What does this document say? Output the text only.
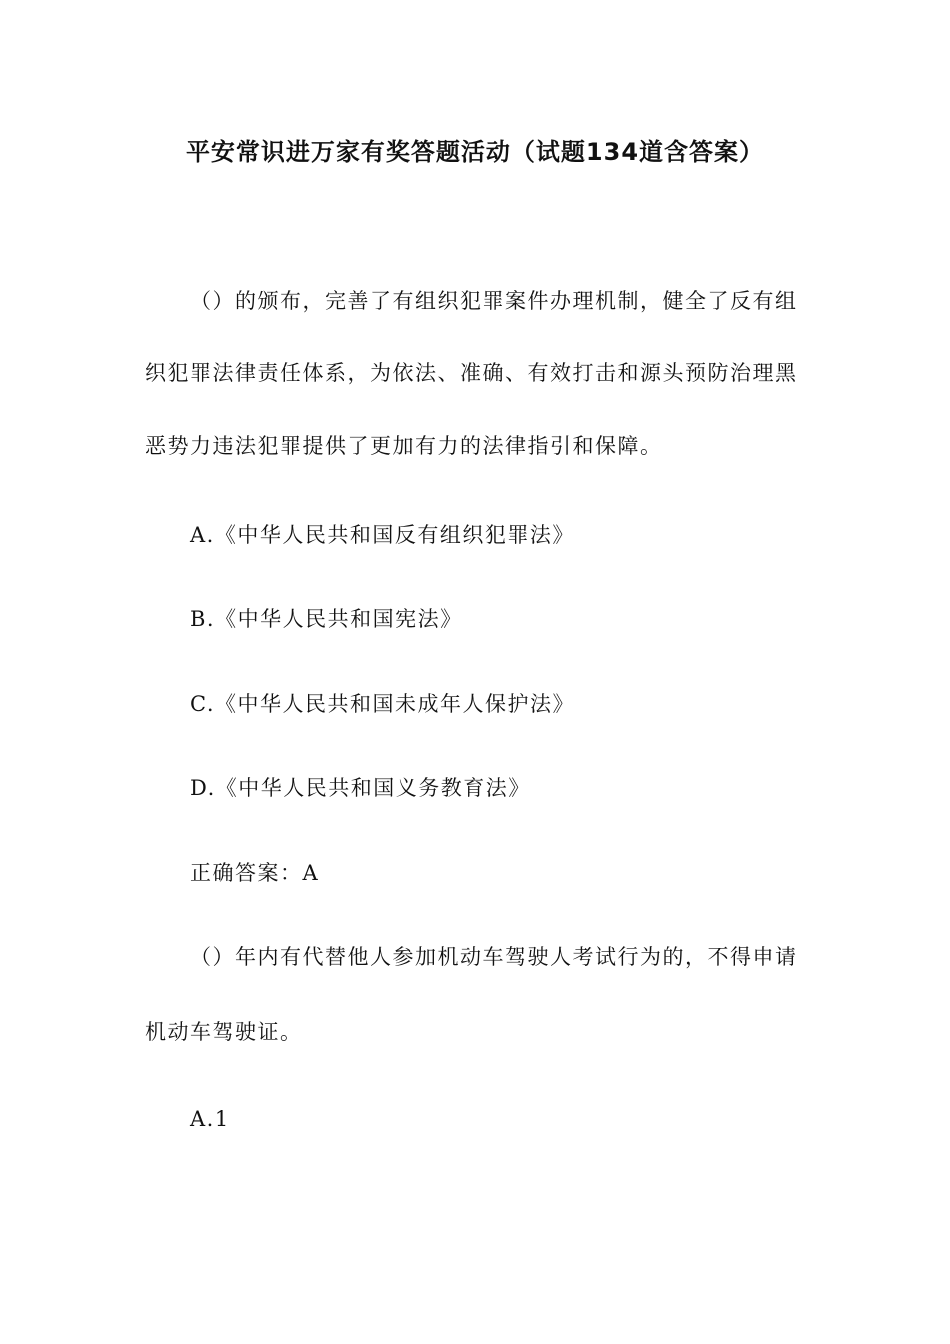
平安常识进万家有奖答题活动（试题134道含答案）
（）的颁布，完善了有组织犯罪案件办理机制，健全了反有组
织犯罪法律责任体系，为依法、准确、有效打击和源头预防治理黑
恶势力违法犯罪提供了更加有力的法律指引和保障。
A.《中华人民共和国反有组织犯罪法》
B.《中华人民共和国宪法》
C.《中华人民共和国未成年人保护法》
D.《中华人民共和国义务教育法》
正确答案：A
（）年内有代替他人参加机动车驾驶人考试行为的，不得申请
机动车驾驶证。
A.1
